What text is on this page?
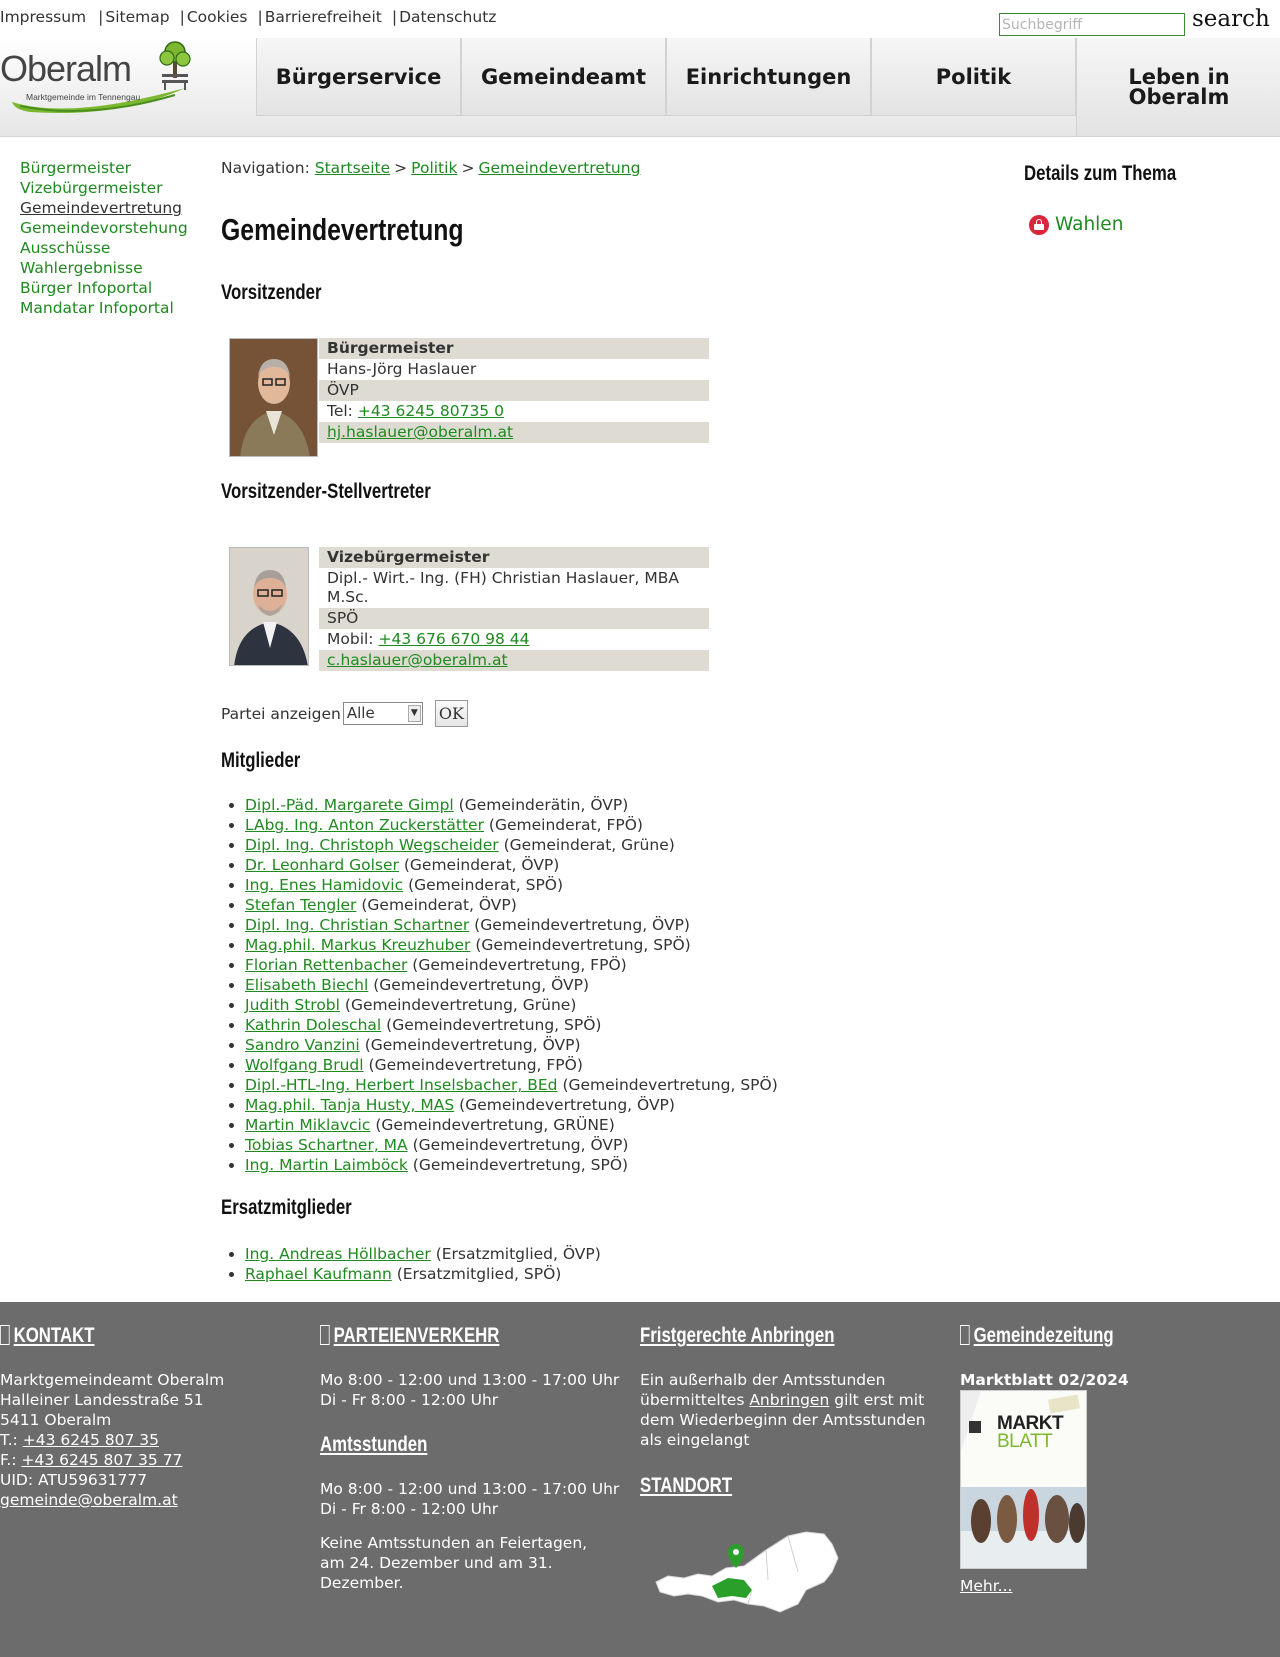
Impressum | Sitemap | Cookies | Barrierefreiheit | Datenschutz
Suchbegriff	search
Oberalm
Marktgemeinde im Tennengau
Bürgerservice	Gemeindeamt	Einrichtungen	Politik	Leben in Oberalm
Bürgermeister
Vizebürgermeister
Gemeindevertretung
Gemeindevorstehung
Ausschüsse
Wahlergebnisse
Bürger Infoportal
Mandatar Infoportal
Navigation: Startseite > Politik > Gemeindevertretung
Gemeindevertretung
Vorsitzender
Bürgermeister
Hans-Jörg Haslauer
ÖVP
Tel: +43 6245 80735 0
hj.haslauer@oberalm.at
Vorsitzender-Stellvertreter
Vizebürgermeister
Dipl.- Wirt.- Ing. (FH) Christian Haslauer, MBA M.Sc.
SPÖ
Mobil: +43 676 670 98 44
c.haslauer@oberalm.at
Partei anzeigen Alle	▼ OK
Mitglieder
• Dipl.-Päd. Margarete Gimpl (Gemeinderätin, ÖVP)
• LAbg. Ing. Anton Zuckerstätter (Gemeinderat, FPÖ)
• Dipl. Ing. Christoph Wegscheider (Gemeinderat, Grüne)
• Dr. Leonhard Golser (Gemeinderat, ÖVP)
• Ing. Enes Hamidovic (Gemeinderat, SPÖ)
• Stefan Tengler (Gemeinderat, ÖVP)
• Dipl. Ing. Christian Schartner (Gemeindevertretung, ÖVP)
• Mag.phil. Markus Kreuzhuber (Gemeindevertretung, SPÖ)
• Florian Rettenbacher (Gemeindevertretung, FPÖ)
• Elisabeth Biechl (Gemeindevertretung, ÖVP)
• Judith Strobl (Gemeindevertretung, Grüne)
• Kathrin Doleschal (Gemeindevertretung, SPÖ)
• Sandro Vanzini (Gemeindevertretung, ÖVP)
• Wolfgang Brudl (Gemeindevertretung, FPÖ)
• Dipl.-HTL-Ing. Herbert Inselsbacher, BEd (Gemeindevertretung, SPÖ)
• Mag.phil. Tanja Husty, MAS (Gemeindevertretung, ÖVP)
• Martin Miklavcic (Gemeindevertretung, GRÜNE)
• Tobias Schartner, MA (Gemeindevertretung, ÖVP)
• Ing. Martin Laimböck (Gemeindevertretung, SPÖ)
Ersatzmitglieder
• Ing. Andreas Höllbacher (Ersatzmitglied, ÖVP)
• Raphael Kaufmann (Ersatzmitglied, SPÖ)
Details zum Thema
Wahlen
KONTAKT
Marktgemeindeamt Oberalm
Halleiner Landesstraße 51
5411 Oberalm
T.: +43 6245 807 35
F.: +43 6245 807 35 77
UID: ATU59631777
gemeinde@oberalm.at
PARTEIENVERKEHR
Mo 8:00 - 12:00 und 13:00 - 17:00 Uhr
Di - Fr 8:00 - 12:00 Uhr
Amtsstunden
Mo 8:00 - 12:00 und 13:00 - 17:00 Uhr
Di - Fr 8:00 - 12:00 Uhr
Keine Amtsstunden an Feiertagen, am 24. Dezember und am 31. Dezember.
Fristgerechte Anbringen
Ein außerhalb der Amtsstunden übermitteltes Anbringen gilt erst mit dem Wiederbeginn der Amtsstunden als eingelangt
STANDORT
Gemeindezeitung
Marktblatt 02/2024
MARKT
BLATT
Mehr...
